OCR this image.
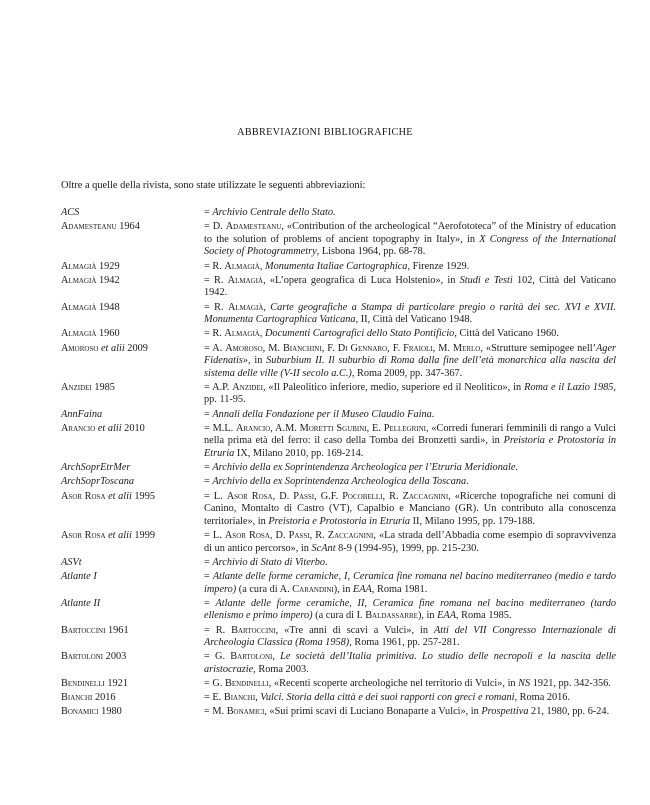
ABBREVIAZIONI BIBLIOGRAFICHE
Oltre a quelle della rivista, sono state utilizzate le seguenti abbreviazioni:
ACS	= Archivio Centrale dello Stato.
Adamesteanu 1964	= D. Adamesteanu, «Contribution of the archeological “Aerofototeca” of the Ministry of education to the solution of problems of ancient topography in Italy», in X Congress of the International Society of Photogrammetry, Lisbona 1964, pp. 68-78.
Almagià 1929	= R. Almagià, Monumenta Italiae Cartographica, Firenze 1929.
Almagià 1942	= R. Almagià, «L’opera geografica di Luca Holstenio», in Studi e Testi 102, Città del Vaticano 1942.
Almagià 1948	= R. Almagià, Carte geografiche a Stampa di particolare pregio o rarità dei sec. XVI e XVII. Monumenta Cartographica Vaticana, II, Città del Vaticano 1948.
Almagià 1960	= R. Almagià, Documenti Cartografici dello Stato Pontificio, Città del Vaticano 1960.
Amoroso et alii 2009	= A. Amoroso, M. Bianchini, F. Di Gennaro, F. Fraioli, M. Merlo, «Strutture semipogee nell’Ager Fidenatis», in Suburbium II. Il suburbio di Roma dalla fine dell’età monarchica alla nascita del sistema delle ville (V-II secolo a.C.), Roma 2009, pp. 347-367.
Anzidei 1985	= A.P. Anzidei, «Il Paleolitico inferiore, medio, superiore ed il Neolitico», in Roma e il Lazio 1985, pp. 11-95.
AnnFaina	= Annali della Fondazione per il Museo Claudio Faina.
Arancio et alii 2010	= M.L. Arancio, A.M. Moretti Sgubini, E. Pellegrini, «Corredi funerari femminili di rango a Vulci nella prima età del ferro: il caso della Tomba dei Bronzetti sardi», in Preistoria e Protostoria in Etruria IX, Milano 2010, pp. 169-214.
ArchSoprEtrMer	= Archivio della ex Soprintendenza Archeologica per l’Etruria Meridionale.
ArchSoprToscana	= Archivio della ex Soprintendenza Archeologica della Toscana.
Asor Rosa et alii 1995	= L. Asor Rosa, D. Passi, G.F. Pocobelli, R. Zaccagnini, «Ricerche topografiche nei comuni di Canino, Montalto di Castro (VT), Capalbio e Manciano (GR). Un contributo alla conoscenza territoriale», in Preistoria e Protostoria in Etruria II, Milano 1995, pp. 179-188.
Asor Rosa et alii 1999	= L. Asor Rosa, D. Passi, R. Zaccagnini, «La strada dell’Abbadia come esempio di sopravvivenza di un antico percorso», in ScAnt 8-9 (1994-95), 1999, pp. 215-230.
ASVt	= Archivio di Stato di Viterbo.
Atlante I	= Atlante delle forme ceramiche, I, Ceramica fine romana nel bacino mediterraneo (medio e tardo impero) (a cura di A. Carandini), in EAA, Roma 1981.
Atlante II	= Atlante delle forme ceramiche, II, Ceramica fine romana nel bacino mediterraneo (tardo ellenismo e primo impero) (a cura di I. Baldassarre), in EAA, Roma 1985.
Bartoccini 1961	= R. Bartoccini, «Tre anni di scavi a Vulci», in Atti del VII Congresso Internazionale di Archeologia Classica (Roma 1958), Roma 1961, pp. 257-281.
Bartoloni 2003	= G. Bartoloni, Le società dell’Italia primitiva. Lo studio delle necropoli e la nascita delle aristocrazie, Roma 2003.
Bendinelli 1921	= G. Bendinelli, «Recenti scoperte archeologiche nel territorio di Vulci», in NS 1921, pp. 342-356.
Bianchi 2016	= E. Bianchi, Vulci. Storia della città e dei suoi rapporti con greci e romani, Roma 2016.
Bonamici 1980	= M. Bonamici, «Sui primi scavi di Luciano Bonaparte a Vulci», in Prospettiva 21, 1980, pp. 6-24.
